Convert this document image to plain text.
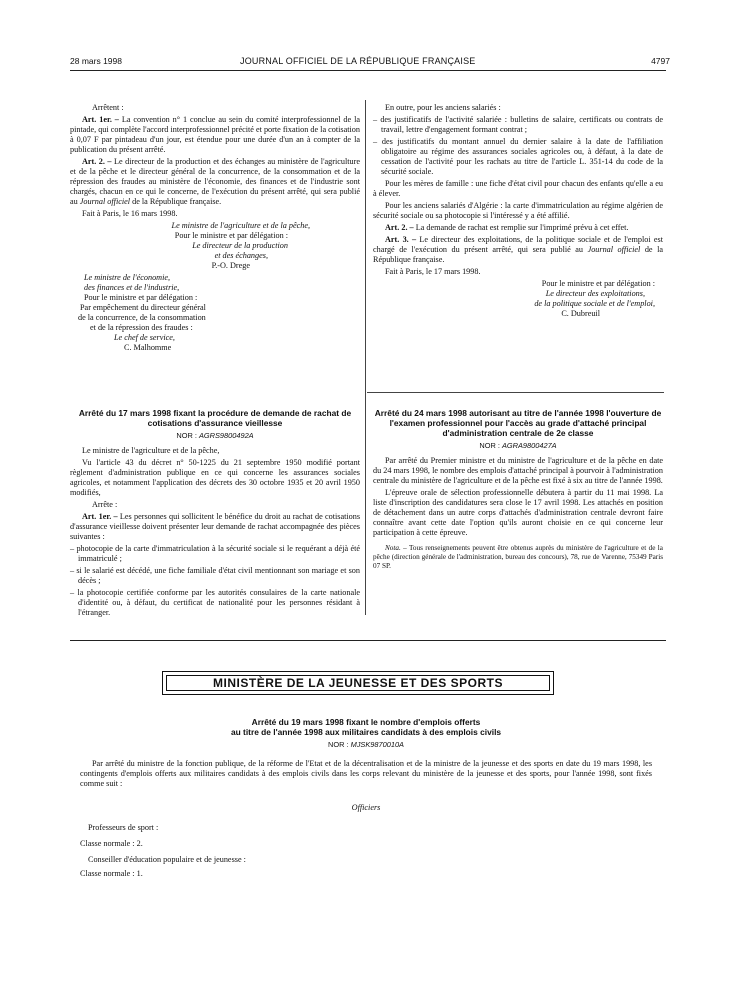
28 mars 1998	JOURNAL OFFICIEL DE LA RÉPUBLIQUE FRANÇAISE	4797

Arrêtent :

Art. 1er. – La convention n° 1 conclue au sein du comité interprofessionnel de la pintade, qui complète l'accord interprofessionnel précité et porte fixation de la cotisation à 0,07 F par pintadeau d'un jour, est étendue pour une durée d'un an à compter de la publication du présent arrêté.

Art. 2. – Le directeur de la production et des échanges au ministère de l'agriculture et de la pêche et le directeur général de la concurrence, de la consommation et de la répression des fraudes au ministère de l'économie, des finances et de l'industrie sont chargés, chacun en ce qui le concerne, de l'exécution du présent arrêté, qui sera publié au Journal officiel de la République française.

Fait à Paris, le 16 mars 1998.

Le ministre de l'agriculture et de la pêche,
Pour le ministre et par délégation :
Le directeur de la production
et des échanges,
P.-O. Drege
Le ministre de l'économie,
des finances et de l'industrie,
Pour le ministre et par délégation :
Par empêchement du directeur général
de la concurrence, de la consommation
et de la répression des fraudes :
Le chef de service,
C. Malhomme

Arrêté du 17 mars 1998 fixant la procédure de demande de rachat de cotisations d'assurance vieillesse

NOR : AGRS9800492A

Le ministre de l'agriculture et de la pêche,

Vu l'article 43 du décret n° 50-1225 du 21 septembre 1950 modifié portant règlement d'administration publique en ce qui concerne les assurances sociales agricoles, et notamment l'application des décrets des 30 octobre 1935 et 20 avril 1950 modifiés,

Arrête :

Art. 1er. – Les personnes qui sollicitent le bénéfice du droit au rachat de cotisations d'assurance vieillesse doivent présenter leur demande de rachat accompagnée des pièces suivantes :

– photocopie de la carte d'immatriculation à la sécurité sociale si le requérant a déjà été immatriculé ;

– si le salarié est décédé, une fiche familiale d'état civil mentionnant son mariage et son décès ;

– la photocopie certifiée conforme par les autorités consulaires de la carte nationale d'identité ou, à défaut, du certificat de nationalité pour les personnes résidant à l'étranger.

En outre, pour les anciens salariés :

– des justificatifs de l'activité salariée : bulletins de salaire, certificats ou contrats de travail, lettre d'engagement formant contrat ;

– des justificatifs du montant annuel du dernier salaire à la date de l'affiliation obligatoire au régime des assurances sociales agricoles ou, à défaut, à la date de cessation de l'activité pour les rachats au titre de l'article L. 351-14 du code de la sécurité sociale.

Pour les mères de famille : une fiche d'état civil pour chacun des enfants qu'elle a eu à élever.

Pour les anciens salariés d'Algérie : la carte d'immatriculation au régime algérien de sécurité sociale ou sa photocopie si l'intéressé y a été affilié.

Art. 2. – La demande de rachat est remplie sur l'imprimé prévu à cet effet.

Art. 3. – Le directeur des exploitations, de la politique sociale et de l'emploi est chargé de l'exécution du présent arrêté, qui sera publié au Journal officiel de la République française.

Fait à Paris, le 17 mars 1998.

Pour le ministre et par délégation :
Le directeur des exploitations,
de la politique sociale et de l'emploi,
C. Dubreuil

Arrêté du 24 mars 1998 autorisant au titre de l'année 1998 l'ouverture de l'examen professionnel pour l'accès au grade d'attaché principal d'administration centrale de 2e classe

NOR : AGRA9800427A

Par arrêté du Premier ministre et du ministre de l'agriculture et de la pêche en date du 24 mars 1998, le nombre des emplois d'attaché principal à pourvoir à l'administration centrale du ministère de l'agriculture et de la pêche est fixé à six au titre de l'année 1998.

L'épreuve orale de sélection professionnelle débutera à partir du 11 mai 1998. La liste d'inscription des candidatures sera close le 17 avril 1998. Les attachés en position de détachement dans un autre corps d'attachés d'administration centrale devront faire connaître avant cette date l'option qu'ils auront choisie en ce qui concerne leur participation à cette épreuve.

Nota. – Tous renseignements peuvent être obtenus auprès du ministère de l'agriculture et de la pêche (direction générale de l'administration, bureau des concours), 78, rue de Varenne, 75349 Paris 07 SP.

MINISTÈRE DE LA JEUNESSE ET DES SPORTS

Arrêté du 19 mars 1998 fixant le nombre d'emplois offerts

au titre de l'année 1998 aux militaires candidats à des emplois civils

NOR : MJSK9870010A

Par arrêté du ministre de la fonction publique, de la réforme de l'Etat et de la décentralisation et de la ministre de la jeunesse et des sports en date du 19 mars 1998, les contingents d'emplois offerts aux militaires candidats à des emplois civils dans les corps relevant du ministère de la jeunesse et des sports, pour l'année 1998, sont fixés comme suit :

Officiers

Professeurs de sport :

Classe normale : 2.

Conseiller d'éducation populaire et de jeunesse :

Classe normale : 1.
